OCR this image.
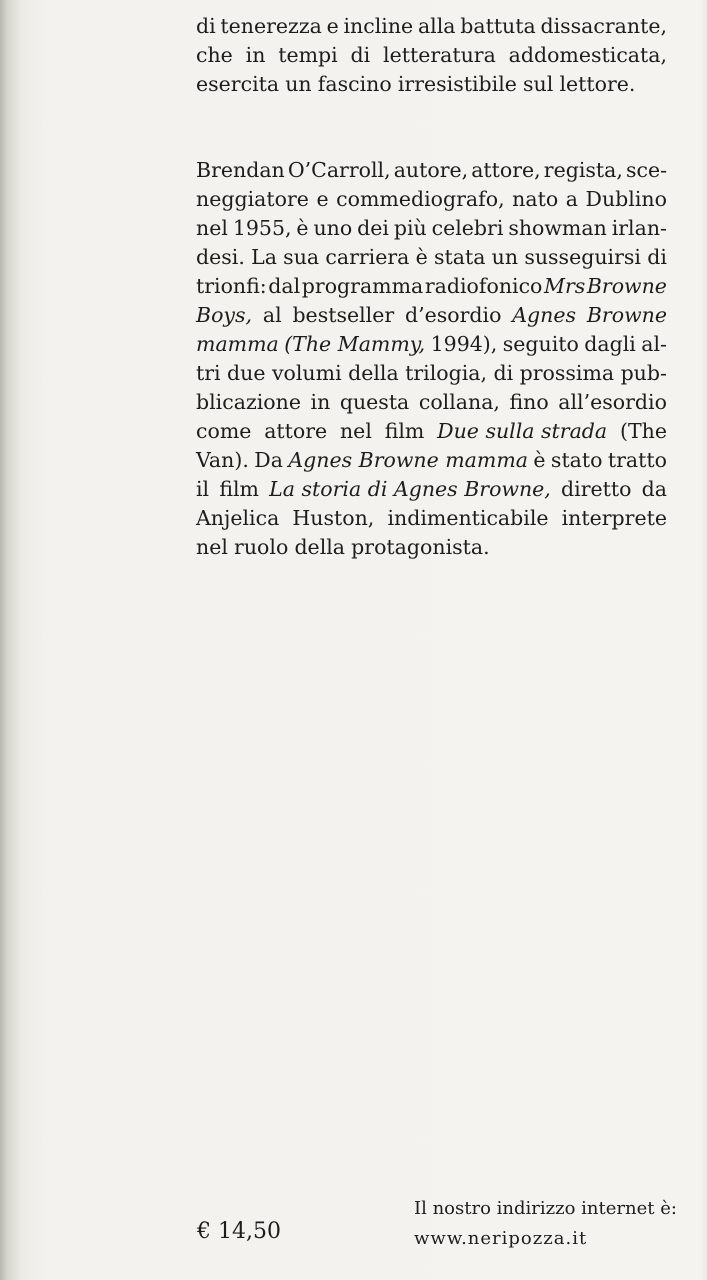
di tenerezza e incline alla battuta dissacrante,
che in tempi di letteratura addomesticata,
esercita un fascino irresistibile sul lettore.
Brendan O’Carroll, autore, attore, regista, sce-
neggiatore e commediografo, nato a Dublino
nel 1955, è uno dei più celebri showman irlan-
desi. La sua carriera è stata un susseguirsi di
trionfi: dal programma radiofonico Mrs Browne
Boys, al bestseller d’esordio Agnes Browne
mamma (The Mammy, 1994), seguito dagli al-
tri due volumi della trilogia, di prossima pub-
blicazione in questa collana, fino all’esordio
come attore nel film Due sulla strada (The
Van). Da Agnes Browne mamma è stato tratto
il film La storia di Agnes Browne, diretto da
Anjelica Huston, indimenticabile interprete
nel ruolo della protagonista.
€ 14,50
Il nostro indirizzo internet è:
www.neripozza.it
